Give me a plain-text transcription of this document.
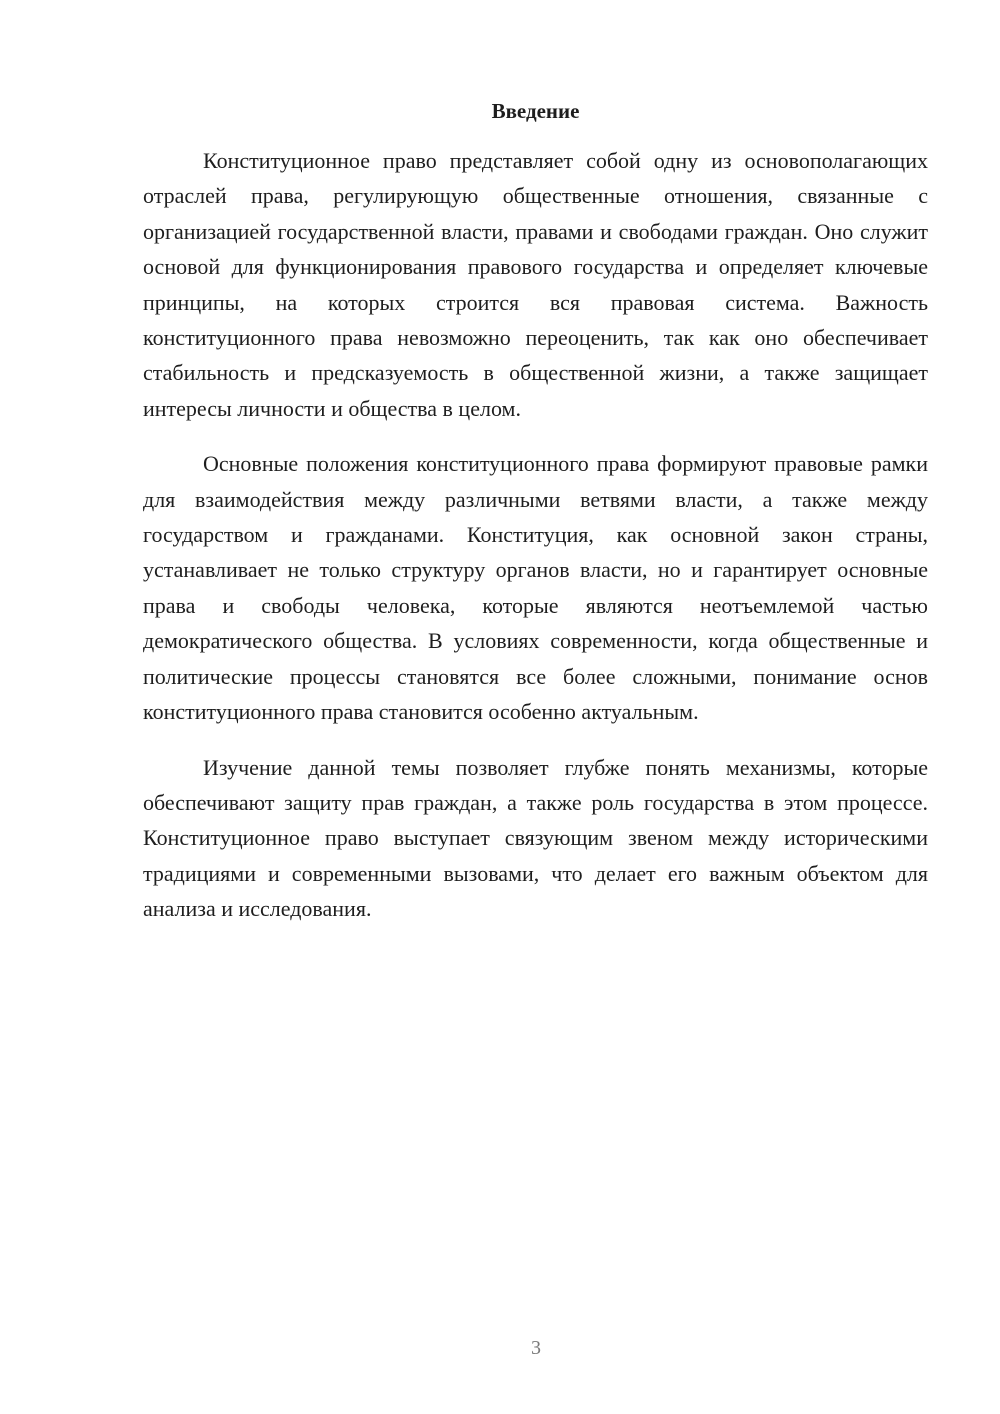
Введение

Конституционное право представляет собой одну из основополагающих отраслей права, регулирующую общественные отношения, связанные с организацией государственной власти, правами и свободами граждан. Оно служит основой для функционирования правового государства и определяет ключевые принципы, на которых строится вся правовая система. Важность конституционного права невозможно переоценить, так как оно обеспечивает стабильность и предсказуемость в общественной жизни, а также защищает интересы личности и общества в целом.

Основные положения конституционного права формируют правовые рамки для взаимодействия между различными ветвями власти, а также между государством и гражданами. Конституция, как основной закон страны, устанавливает не только структуру органов власти, но и гарантирует основные права и свободы человека, которые являются неотъемлемой частью демократического общества. В условиях современности, когда общественные и политические процессы становятся все более сложными, понимание основ конституционного права становится особенно актуальным.

Изучение данной темы позволяет глубже понять механизмы, которые обеспечивают защиту прав граждан, а также роль государства в этом процессе. Конституционное право выступает связующим звеном между историческими традициями и современными вызовами, что делает его важным объектом для анализа и исследования.

3
